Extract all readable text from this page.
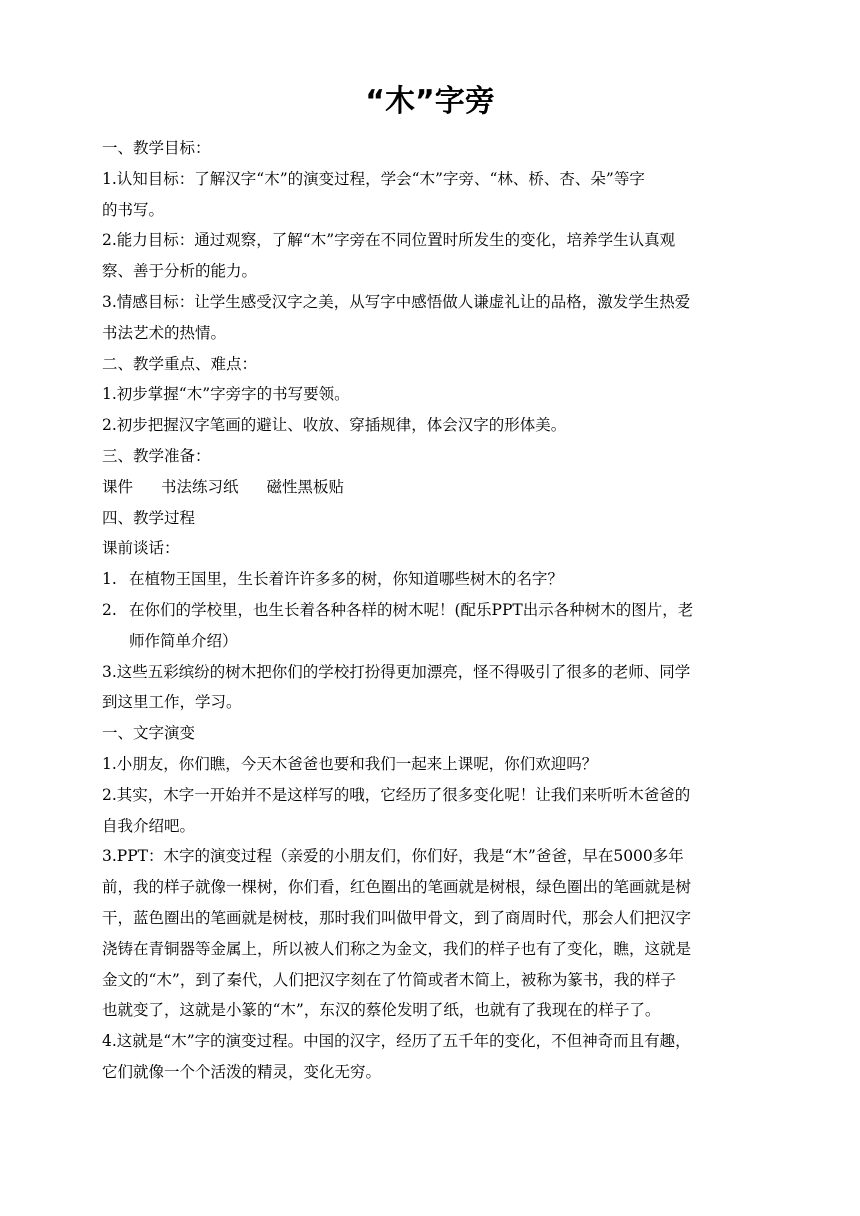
“木”字旁
一、教学目标：
1.认知目标：了解汉字“木”的演变过程，学会“木”字旁、“林、桥、杏、朵”等字
的书写。
2.能力目标：通过观察，了解“木”字旁在不同位置时所发生的变化，培养学生认真观
察、善于分析的能力。
3.情感目标：让学生感受汉字之美，从写字中感悟做人谦虚礼让的品格，激发学生热爱
书法艺术的热情。
二、教学重点、难点：
1.初步掌握“木”字旁字的书写要领。
2.初步把握汉字笔画的避让、收放、穿插规律，体会汉字的形体美。
三、教学准备：
课件 书法练习纸 磁性黑板贴
四、教学过程
课前谈话：
1. 在植物王国里，生长着许许多多的树，你知道哪些树木的名字？
2. 在你们的学校里，也生长着各种各样的树木呢！(配乐PPT出示各种树木的图片，老
师作简单介绍）
3.这些五彩缤纷的树木把你们的学校打扮得更加漂亮，怪不得吸引了很多的老师、同学
到这里工作，学习。
一、文字演变
1.小朋友，你们瞧，今天木爸爸也要和我们一起来上课呢，你们欢迎吗？
2.其实，木字一开始并不是这样写的哦，它经历了很多变化呢！让我们来听听木爸爸的
自我介绍吧。
3.PPT：木字的演变过程（亲爱的小朋友们，你们好，我是“木”爸爸，早在5000多年
前，我的样子就像一棵树，你们看，红色圈出的笔画就是树根，绿色圈出的笔画就是树
干，蓝色圈出的笔画就是树枝，那时我们叫做甲骨文，到了商周时代，那会人们把汉字
浇铸在青铜器等金属上，所以被人们称之为金文，我们的样子也有了变化，瞧，这就是
金文的“木”，到了秦代，人们把汉字刻在了竹简或者木简上，被称为篆书，我的样子
也就变了，这就是小篆的“木”，东汉的蔡伦发明了纸，也就有了我现在的样子了。
4.这就是“木”字的演变过程。中国的汉字，经历了五千年的变化，不但神奇而且有趣，
它们就像一个个活泼的精灵，变化无穷。
